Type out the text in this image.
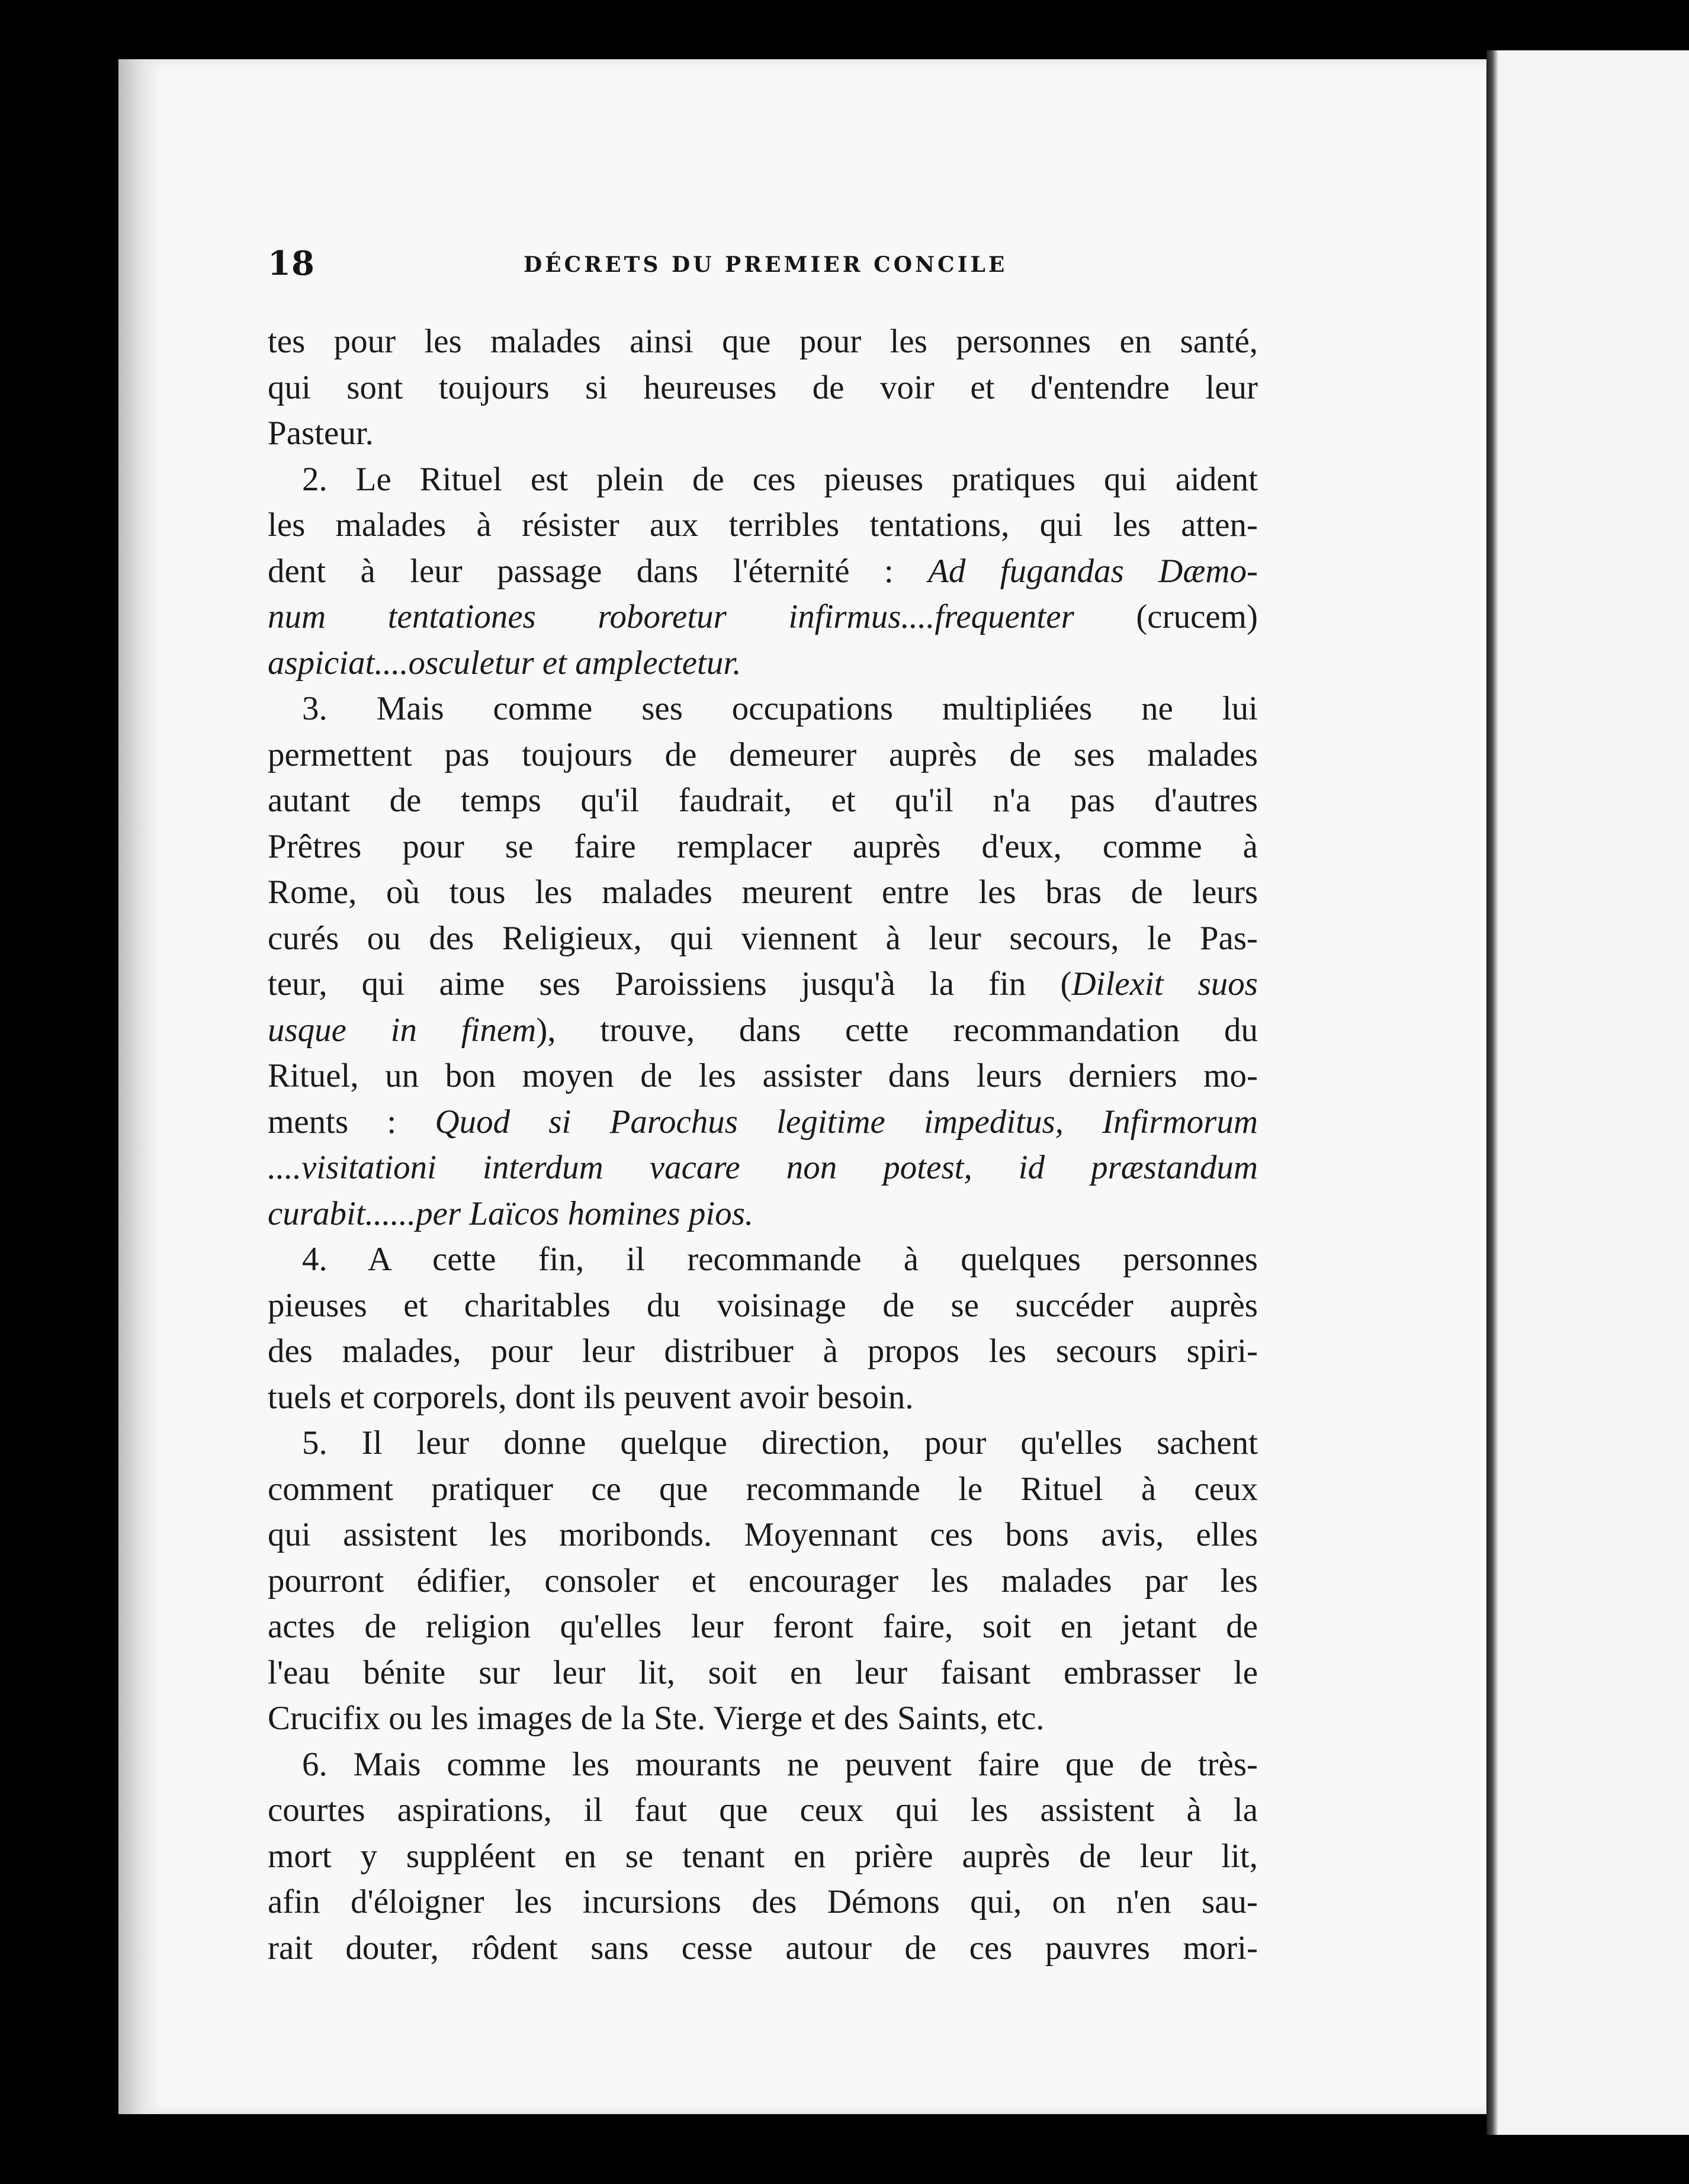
18	DÉCRETS DU PREMIER CONCILE
tes pour les malades ainsi que pour les personnes en santé,
qui sont toujours si heureuses de voir et d'entendre leur
Pasteur.
2. Le Rituel est plein de ces pieuses pratiques qui aident
les malades à résister aux terribles tentations, qui les atten-
dent à leur passage dans l'éternité : Ad fugandas Dæmo-
num tentationes roboretur infirmus....frequenter (crucem)
aspiciat....osculetur et amplectetur.
3. Mais comme ses occupations multipliées ne lui
permettent pas toujours de demeurer auprès de ses malades
autant de temps qu'il faudrait, et qu'il n'a pas d'autres
Prêtres pour se faire remplacer auprès d'eux, comme à
Rome, où tous les malades meurent entre les bras de leurs
curés ou des Religieux, qui viennent à leur secours, le Pas-
teur, qui aime ses Paroissiens jusqu'à la fin (Dilexit suos
usque in finem), trouve, dans cette recommandation du
Rituel, un bon moyen de les assister dans leurs derniers mo-
ments : Quod si Parochus legitime impeditus, Infirmorum
....visitationi interdum vacare non potest, id præstandum
curabit......per Laïcos homines pios.
4. A cette fin, il recommande à quelques personnes
pieuses et charitables du voisinage de se succéder auprès
des malades, pour leur distribuer à propos les secours spiri-
tuels et corporels, dont ils peuvent avoir besoin.
5. Il leur donne quelque direction, pour qu'elles sachent
comment pratiquer ce que recommande le Rituel à ceux
qui assistent les moribonds. Moyennant ces bons avis, elles
pourront édifier, consoler et encourager les malades par les
actes de religion qu'elles leur feront faire, soit en jetant de
l'eau bénite sur leur lit, soit en leur faisant embrasser le
Crucifix ou les images de la Ste. Vierge et des Saints, etc.
6. Mais comme les mourants ne peuvent faire que de très-
courtes aspirations, il faut que ceux qui les assistent à la
mort y suppléent en se tenant en prière auprès de leur lit,
afin d'éloigner les incursions des Démons qui, on n'en sau-
rait douter, rôdent sans cesse autour de ces pauvres mori-
